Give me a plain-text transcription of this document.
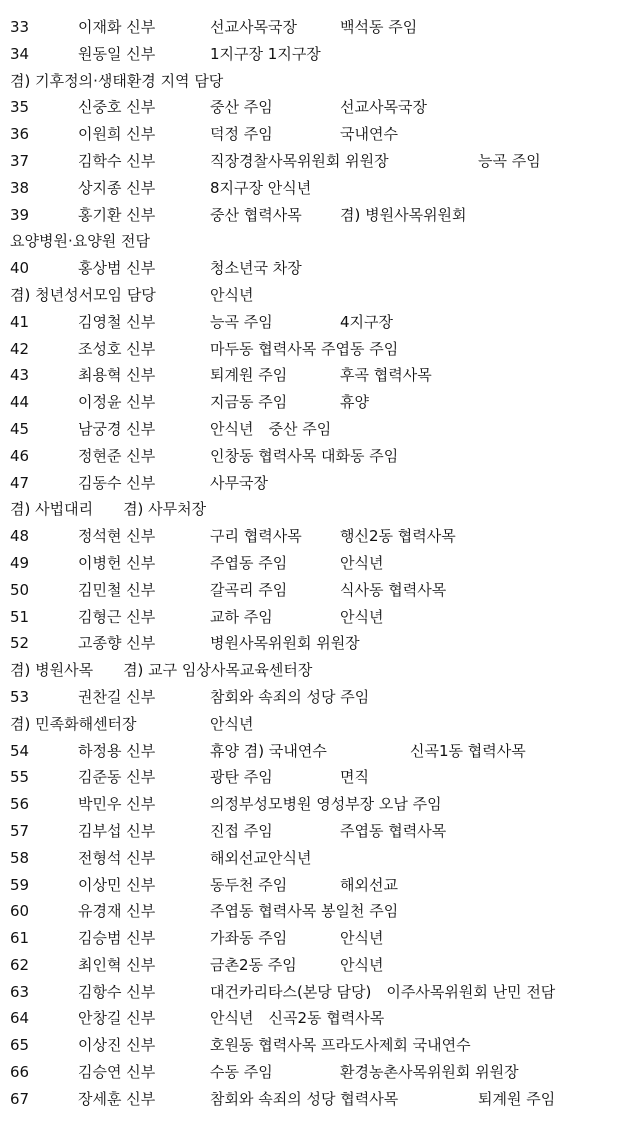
33	이재화 신부	선교사목국장	백석동 주임
34	원동일 신부	1지구장 1지구장
겸) 기후정의·생태환경 지역 담당
35	신중호 신부	중산 주임	선교사목국장
36	이원희 신부	덕정 주임	국내연수
37	김학수 신부	직장경찰사목위원회 위원장	능곡 주임
38	상지종 신부	8지구장 안식년
39	홍기환 신부	중산 협력사목	겸) 병원사목위원회
요양병원·요양원 전담
40	홍상범 신부	청소년국 차장
겸) 청년성서모임 담당	안식년
41	김영철 신부	능곡 주임	4지구장
42	조성호 신부	마두동 협력사목 주엽동 주임
43	최용혁 신부	퇴계원 주임	후곡 협력사목
44	이정윤 신부	지금동 주임	휴양
45	남궁경 신부	안식년　중산 주임
46	정현준 신부	인창동 협력사목 대화동 주임
47	김동수 신부	사무국장
겸) 사법대리　　겸) 사무처장
48	정석현 신부	구리 협력사목	행신2동 협력사목
49	이병헌 신부	주엽동 주임	안식년
50	김민철 신부	갈곡리 주임	식사동 협력사목
51	김형근 신부	교하 주임	안식년
52	고종향 신부	병원사목위원회 위원장
겸) 병원사목　　겸) 교구 임상사목교육센터장
53	권찬길 신부	참회와 속죄의 성당 주임
겸) 민족화해센터장	안식년
54	하정용 신부	휴양 겸) 국내연수	신곡1동 협력사목
55	김준동 신부	광탄 주임	면직
56	박민우 신부	의정부성모병원 영성부장 오남 주임
57	김부섭 신부	진접 주임	주엽동 협력사목
58	전형석 신부	해외선교안식년
59	이상민 신부	동두천 주임	해외선교
60	유경재 신부	주엽동 협력사목 봉일천 주임
61	김승범 신부	가좌동 주임	안식년
62	최인혁 신부	금촌2동 주임	안식년
63	김항수 신부	대건카리타스(본당 담당)　이주사목위원회 난민 전담
64	안창길 신부	안식년　신곡2동 협력사목
65	이상진 신부	호원동 협력사목 프라도사제회 국내연수
66	김승연 신부	수동 주임	환경농촌사목위원회 위원장
67	장세훈 신부	참회와 속죄의 성당 협력사목	퇴계원 주임
